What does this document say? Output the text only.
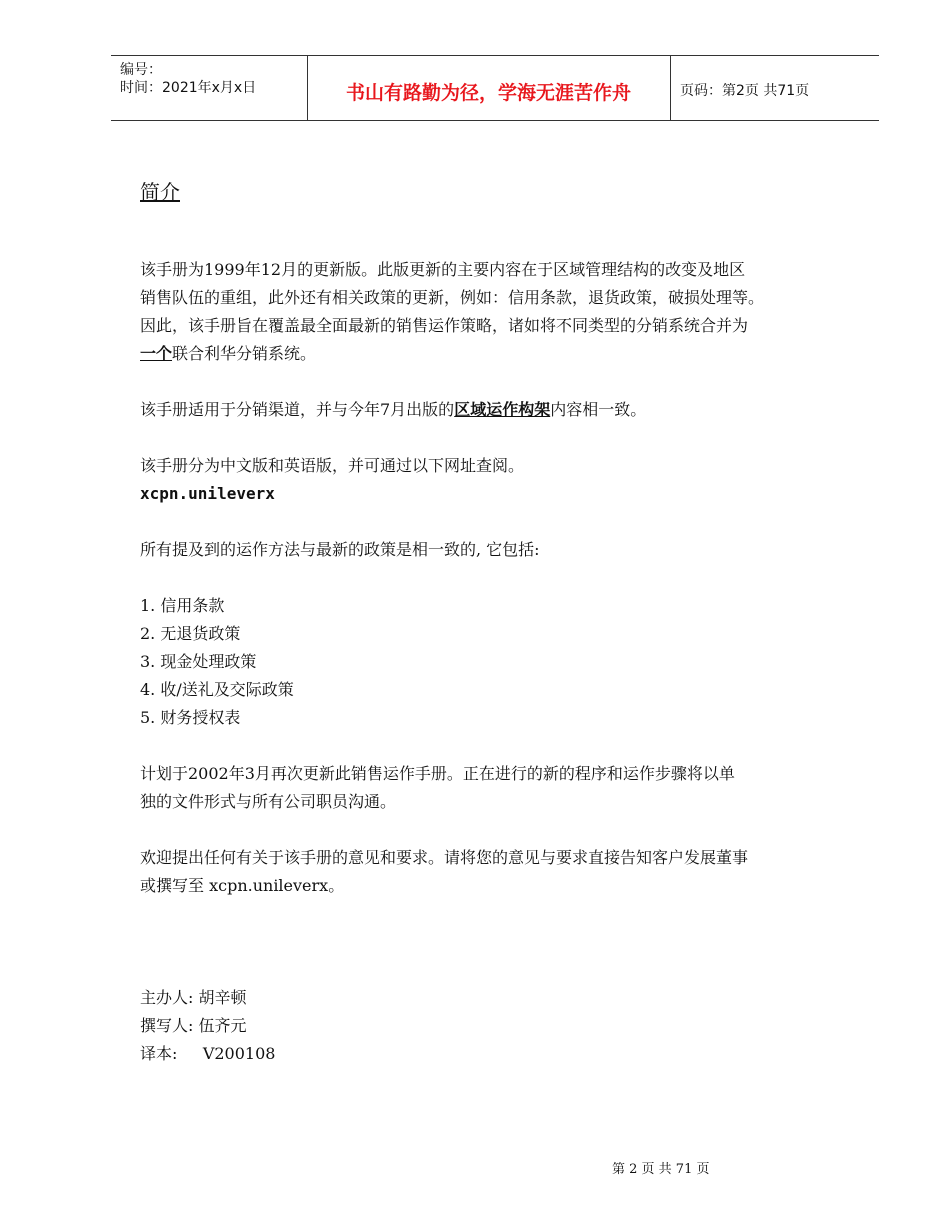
编号：
时间：2021年x月x日	书山有路勤为径，学海无涯苦作舟	页码：第2页 共71页
简介
该手册为1999年12月的更新版。此版更新的主要内容在于区域管理结构的改变及地区
销售队伍的重组，此外还有相关政策的更新，例如：信用条款，退货政策，破损处理等。
因此，该手册旨在覆盖最全面最新的销售运作策略，诸如将不同类型的分销系统合并为
一个联合利华分销系统。
该手册适用于分销渠道，并与今年7月出版的区域运作构架内容相一致。
该手册分为中文版和英语版，并可通过以下网址查阅。
xcpn.unileverx
所有提及到的运作方法与最新的政策是相一致的, 它包括:
1. 信用条款
2. 无退货政策
3. 现金处理政策
4. 收/送礼及交际政策
5. 财务授权表
计划于2002年3月再次更新此销售运作手册。正在进行的新的程序和运作步骤将以单
独的文件形式与所有公司职员沟通。
欢迎提出任何有关于该手册的意见和要求。请将您的意见与要求直接告知客户发展董事
或撰写至 xcpn.unileverx。
主办人: 胡辛顿
撰写人: 伍齐元
译本:     V200108
第 2 页 共 71 页
